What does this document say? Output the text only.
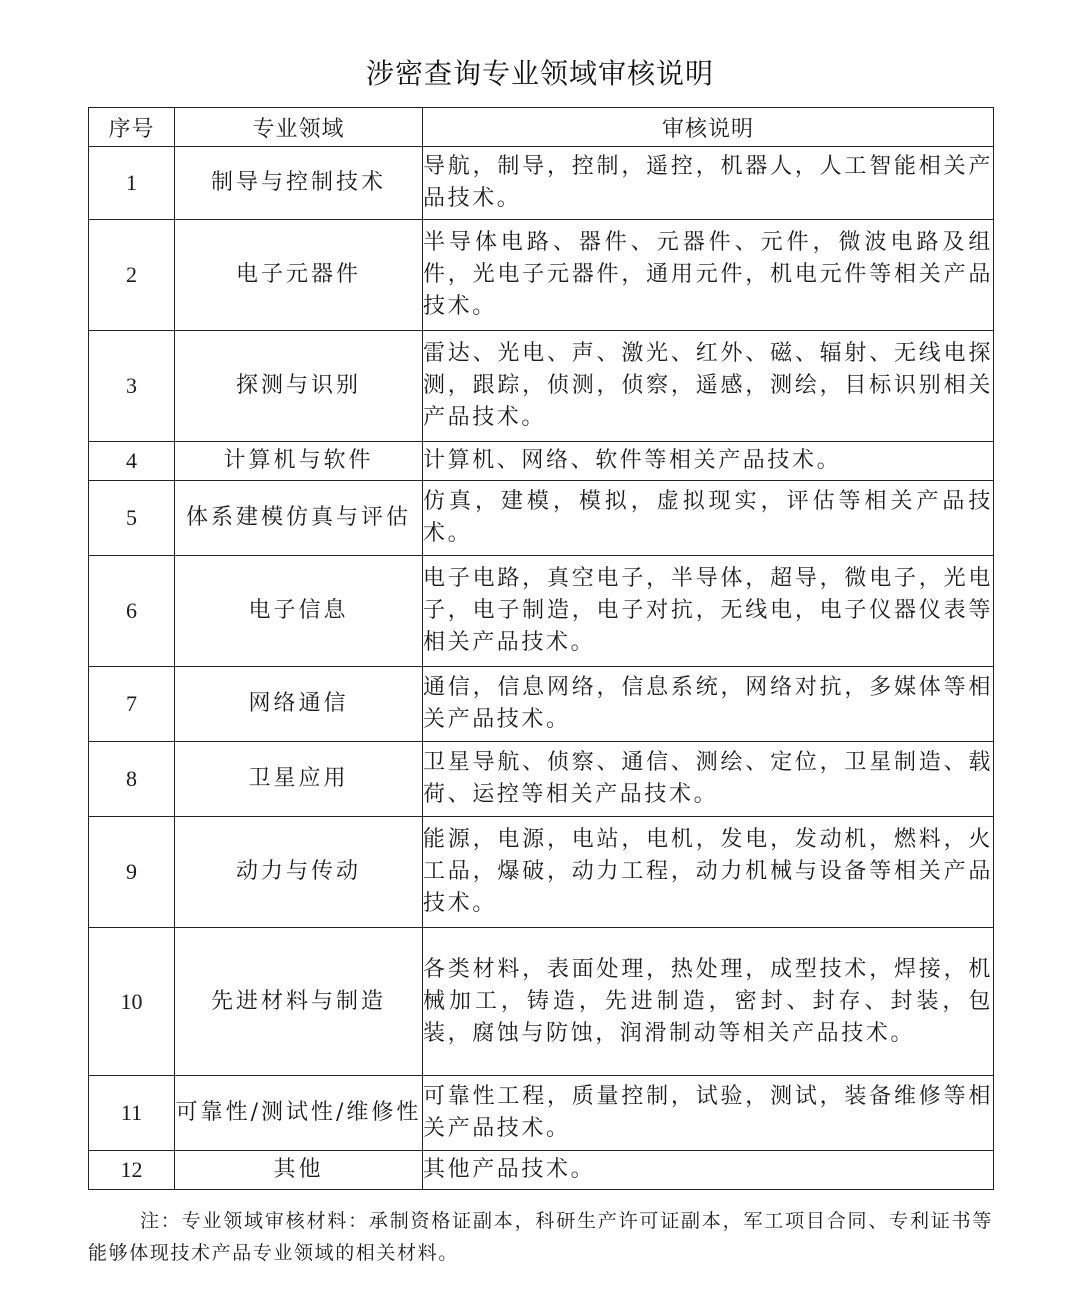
涉密查询专业领域审核说明
序号	专业领域	审核说明
1	制导与控制技术	导航，制导，控制，遥控，机器人，人工智能相关产品技术。
2	电子元器件	半导体电路、器件、元器件、元件，微波电路及组件，光电子元器件，通用元件，机电元件等相关产品技术。
3	探测与识别	雷达、光电、声、激光、红外、磁、辐射、无线电探测，跟踪，侦测，侦察，遥感，测绘，目标识别相关产品技术。
4	计算机与软件	计算机、网络、软件等相关产品技术。
5	体系建模仿真与评估	仿真，建模，模拟，虚拟现实，评估等相关产品技术。
6	电子信息	电子电路，真空电子，半导体，超导，微电子，光电子，电子制造，电子对抗，无线电，电子仪器仪表等相关产品技术。
7	网络通信	通信，信息网络，信息系统，网络对抗，多媒体等相关产品技术。
8	卫星应用	卫星导航、侦察、通信、测绘、定位，卫星制造、载荷、运控等相关产品技术。
9	动力与传动	能源，电源，电站，电机，发电，发动机，燃料，火工品，爆破，动力工程，动力机械与设备等相关产品技术。
10	先进材料与制造	各类材料，表面处理，热处理，成型技术，焊接，机械加工，铸造，先进制造，密封、封存、封装，包装，腐蚀与防蚀，润滑制动等相关产品技术。
11	可靠性/测试性/维修性	可靠性工程，质量控制，试验，测试，装备维修等相关产品技术。
12	其他	其他产品技术。
注：专业领域审核材料：承制资格证副本，科研生产许可证副本，军工项目合同、专利证书等能够体现技术产品专业领域的相关材料。
